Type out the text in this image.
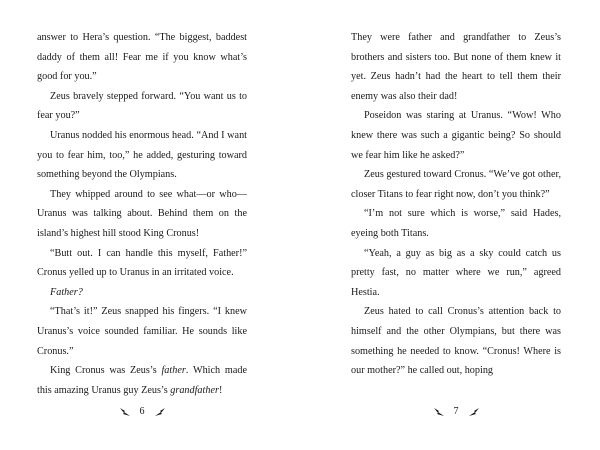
answer to Hera’s question. “The biggest, baddest daddy of them all! Fear me if you know what’s good for you.”

Zeus bravely stepped forward. “You want us to fear you?”

Uranus nodded his enormous head. “And I want you to fear him, too,” he added, gesturing toward something beyond the Olympians.

They whipped around to see what—or who—Uranus was talking about. Behind them on the island’s highest hill stood King Cronus!

“Butt out. I can handle this myself, Father!” Cronus yelled up to Uranus in an irritated voice.

Father?

“That’s it!” Zeus snapped his fingers. “I knew Uranus’s voice sounded familiar. He sounds like Cronus.”

King Cronus was Zeus’s father. Which made this amazing Uranus guy Zeus’s grandfather!

They were father and grandfather to Zeus’s brothers and sisters too. But none of them knew it yet. Zeus hadn’t had the heart to tell them their enemy was also their dad!

Poseidon was staring at Uranus. “Wow! Who knew there was such a gigantic being? So should we fear him like he asked?”

Zeus gestured toward Cronus. “We’ve got other, closer Titans to fear right now, don’t you think?”

“I’m not sure which is worse,” said Hades, eyeing both Titans.

“Yeah, a guy as big as a sky could catch us pretty fast, no matter where we run,” agreed Hestia.

Zeus hated to call Cronus’s attention back to himself and the other Olympians, but there was something he needed to know. “Cronus! Where is our mother?” he called out, hoping

6	7
